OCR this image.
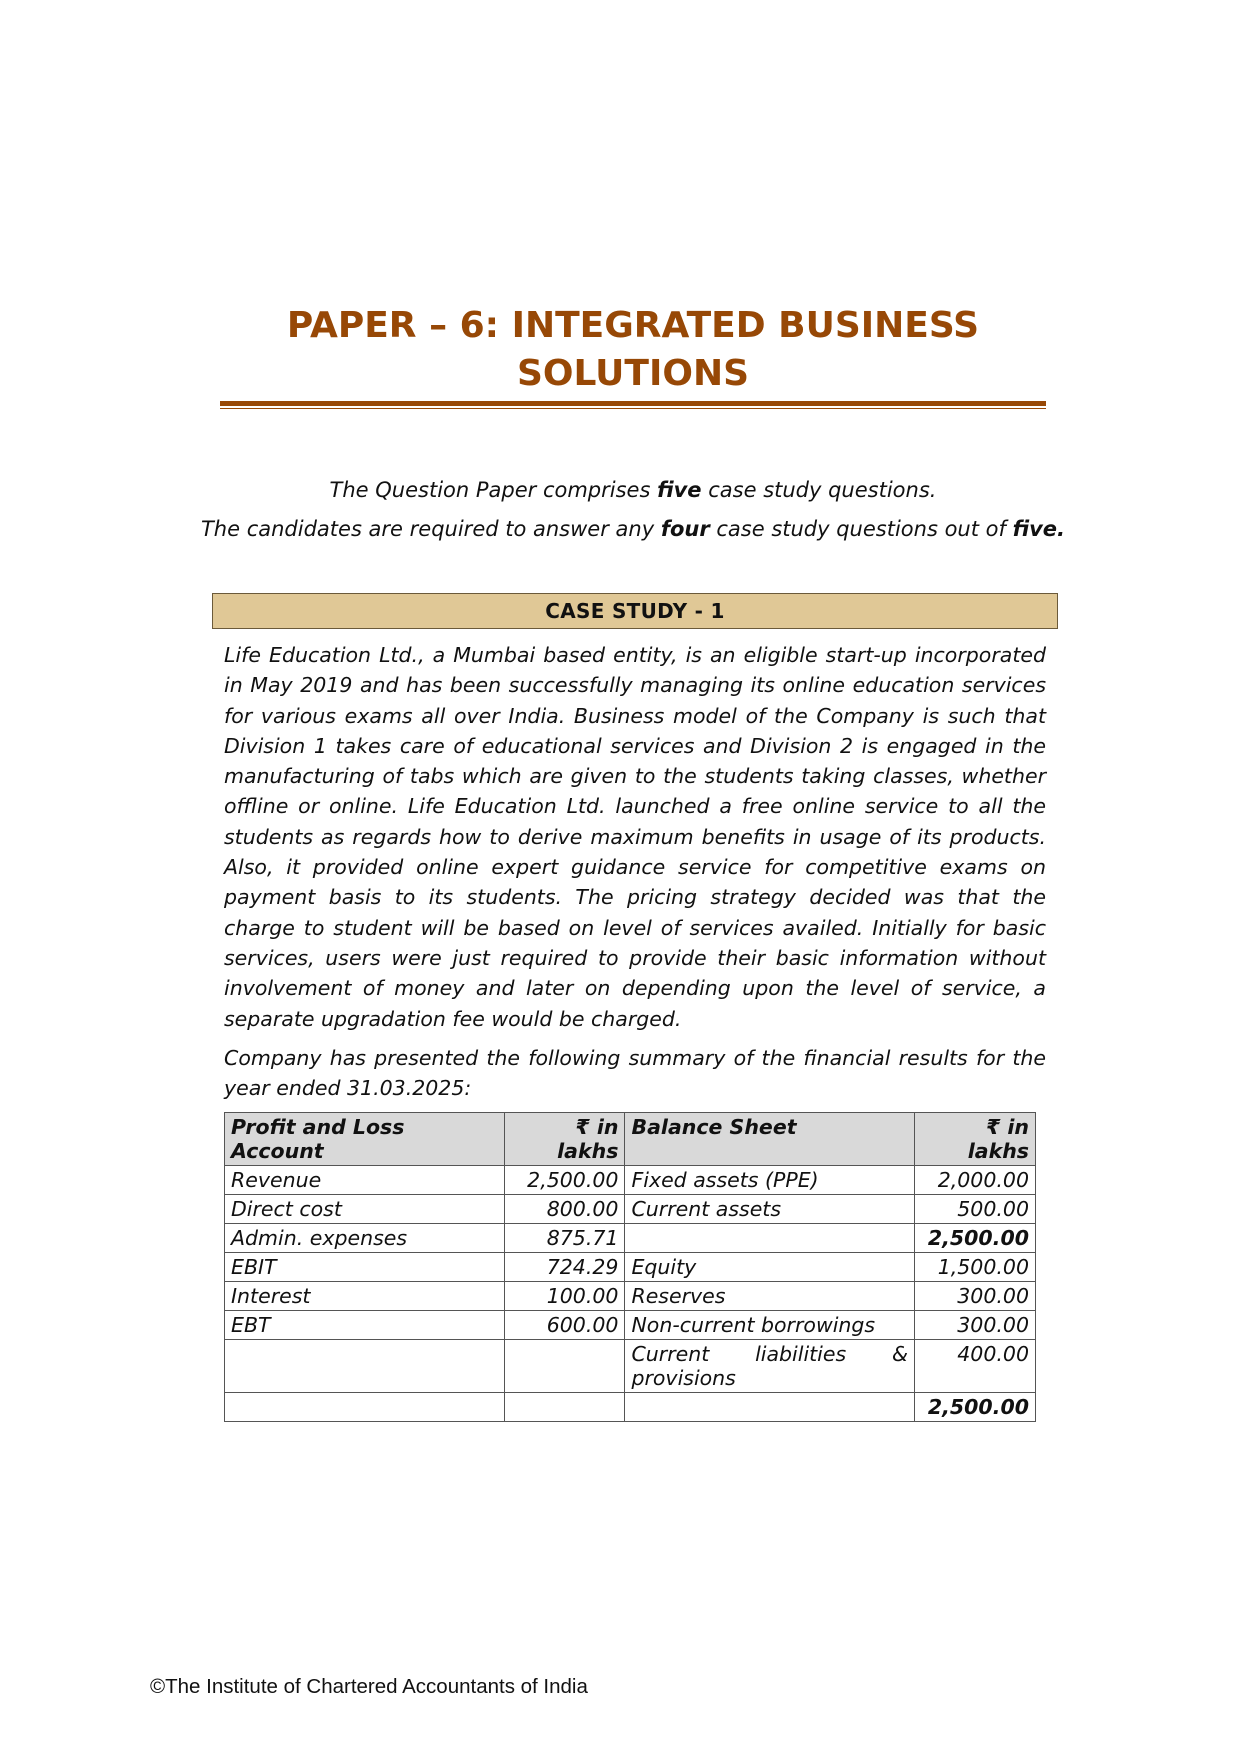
PAPER – 6: INTEGRATED BUSINESS
SOLUTIONS
The Question Paper comprises five case study questions.
The candidates are required to answer any four case study questions out of five.
CASE STUDY - 1
Life Education Ltd., a Mumbai based entity, is an eligible start-up incorporated in May 2019 and has been successfully managing its online education services for various exams all over India. Business model of the Company is such that Division 1 takes care of educational services and Division 2 is engaged in the manufacturing of tabs which are given to the students taking classes, whether offline or online. Life Education Ltd. launched a free online service to all the students as regards how to derive maximum benefits in usage of its products. Also, it provided online expert guidance service for competitive exams on payment basis to its students. The pricing strategy decided was that the charge to student will be based on level of services availed. Initially for basic services, users were just required to provide their basic information without involvement of money and later on depending upon the level of service, a separate upgradation fee would be charged.
Company has presented the following summary of the financial results for the year ended 31.03.2025:
Profit and Loss Account	₹ in lakhs	Balance Sheet	₹ in lakhs
Revenue	2,500.00	Fixed assets (PPE)	2,000.00
Direct cost	800.00	Current assets	500.00
Admin. expenses	875.71		2,500.00
EBIT	724.29	Equity	1,500.00
Interest	100.00	Reserves	300.00
EBT	600.00	Non-current borrowings	300.00
		Current liabilities & provisions	400.00
			2,500.00
©The Institute of Chartered Accountants of India
